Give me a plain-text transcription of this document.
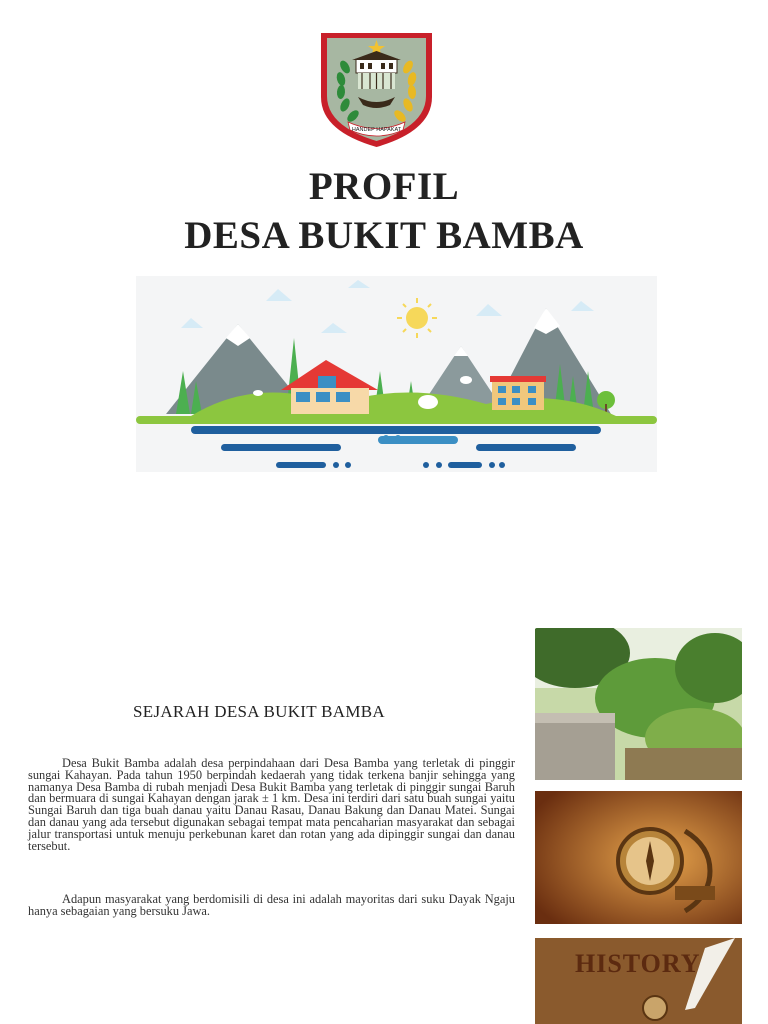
HANDEP HAPAKAT
PROFIL
DESA BUKIT BAMBA
SEJARAH DESA BUKIT BAMBA

Desa Bukit Bamba adalah desa perpindahaan dari Desa Bamba yang terletak di pinggir sungai Kahayan. Pada tahun 1950 berpindah kedaerah yang tidak terkena banjir sehingga yang namanya Desa Bamba di rubah menjadi Desa Bukit Bamba yang terletak di pinggir sungai Baruh dan bermuara di sungai Kahayan dengan jarak ± 1 km. Desa ini terdiri dari satu buah sungai yaitu Sungai Baruh dan tiga buah danau yaitu Danau Rasau, Danau Bakung dan Danau Matei. Sungai dan danau yang ada tersebut digunakan sebagai tempat mata pencaharian masyarakat dan sebagai jalur transportasi untuk menuju perkebunan karet dan rotan yang ada dipinggir sungai dan danau tersebut.

Adapun masyarakat yang berdomisili di desa ini adalah mayoritas dari suku Dayak Ngaju hanya sebagaian yang bersuku Jawa.

HISTORY
